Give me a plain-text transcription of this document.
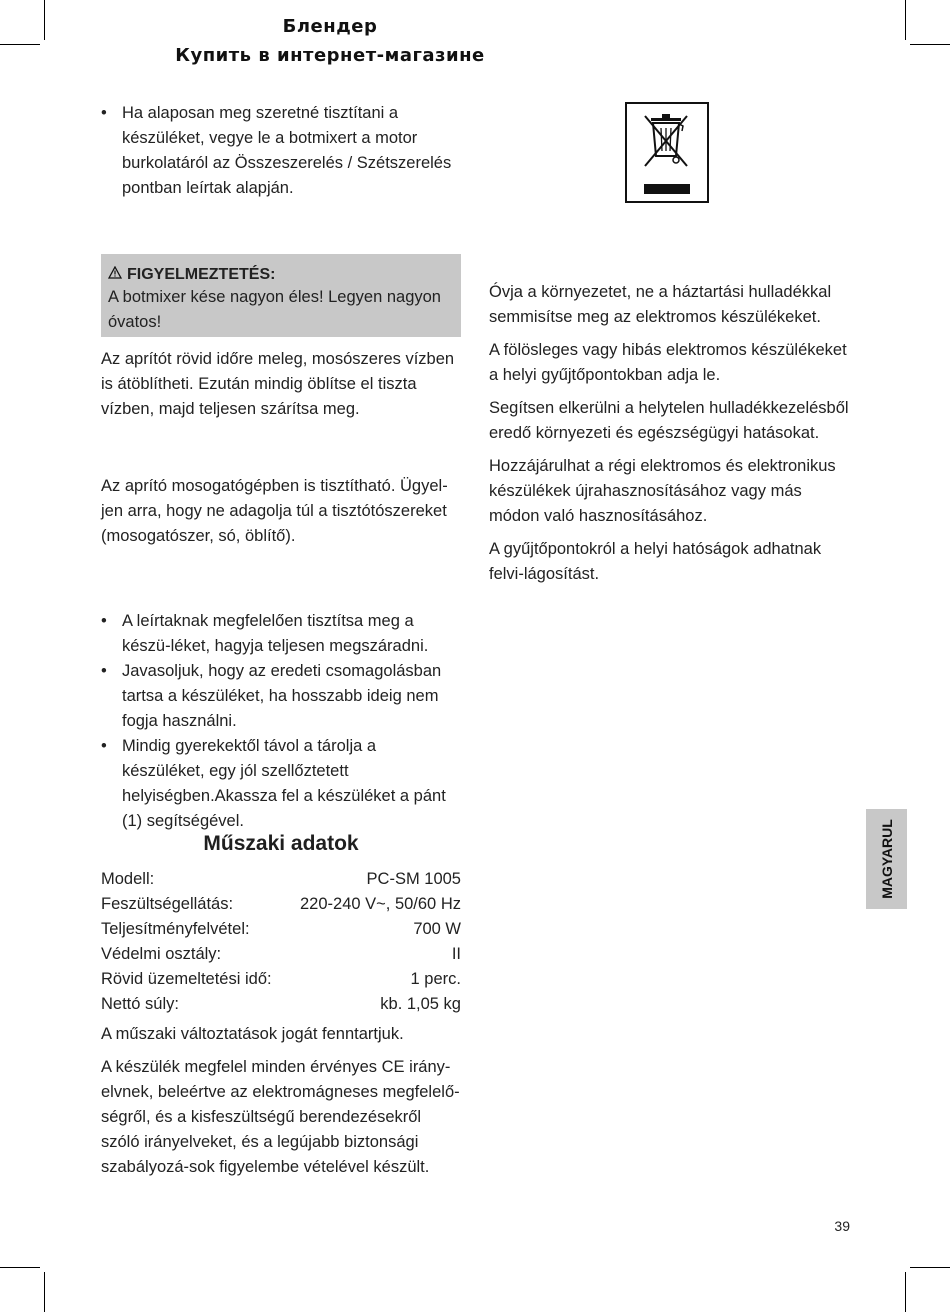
Блендер
Купить в интернет-магазине
• Ha alaposan meg szeretné tisztítani a készüléket, vegye le a botmixert a motor burkolatáról az Összeszerelés / Szétszerelés pontban leírtak alapján.
FIGYELMEZTETÉS:
A botmixer kése nagyon éles! Legyen nagyon óvatos!

Az aprítót rövid időre meleg, mosószeres vízben is átöblítheti. Ezután mindig öblítse el tiszta vízben, majd teljesen szárítsa meg.

Az aprító mosogatógépben is tisztítható. Ügyel-jen arra, hogy ne adagolja túl a tisztótószereket (mosogatószer, só, öblítő).

• A leírtaknak megfelelően tisztítsa meg a készü-léket, hagyja teljesen megszáradni.
• Javasoljuk, hogy az eredeti csomagolásban tartsa a készüléket, ha hosszabb ideig nem fogja használni.
• Mindig gyerekektől távol a tárolja a készüléket, egy jól szellőztetett helyiségben.Akassza fel a készüléket a pánt (1) segítségével.
Műszaki adatok
Modell:	PC-SM 1005
Feszültségellátás:	220-240 V~, 50/60 Hz
Teljesítményfelvétel:	700 W
Védelmi osztály:	II
Rövid üzemeltetési idő:	1 perc.
Nettó súly:	kb. 1,05 kg

A műszaki változtatások jogát fenntartjuk.

A készülék megfelel minden érvényes CE irány-elvnek, beleértve az elektromágneses megfelelő-ségről, és a kisfeszültségű berendezésekről szóló irányelveket, és a legújabb biztonsági szabályozá-sok figyelembe vételével készült.

Óvja a környezetet, ne a háztartási hulladékkal semmisítse meg az elektromos készülékeket.

A fölösleges vagy hibás elektromos készülékeket a helyi gyűjtőpontokban adja le.

Segítsen elkerülni a helytelen hulladékkezelésből eredő környezeti és egészségügyi hatásokat.

Hozzájárulhat a régi elektromos és elektronikus készülékek újrahasznosításához vagy más módon való hasznosításához.

A gyűjtőpontokról a helyi hatóságok adhatnak felvi-lágosítást.

MAGYARUL
39
